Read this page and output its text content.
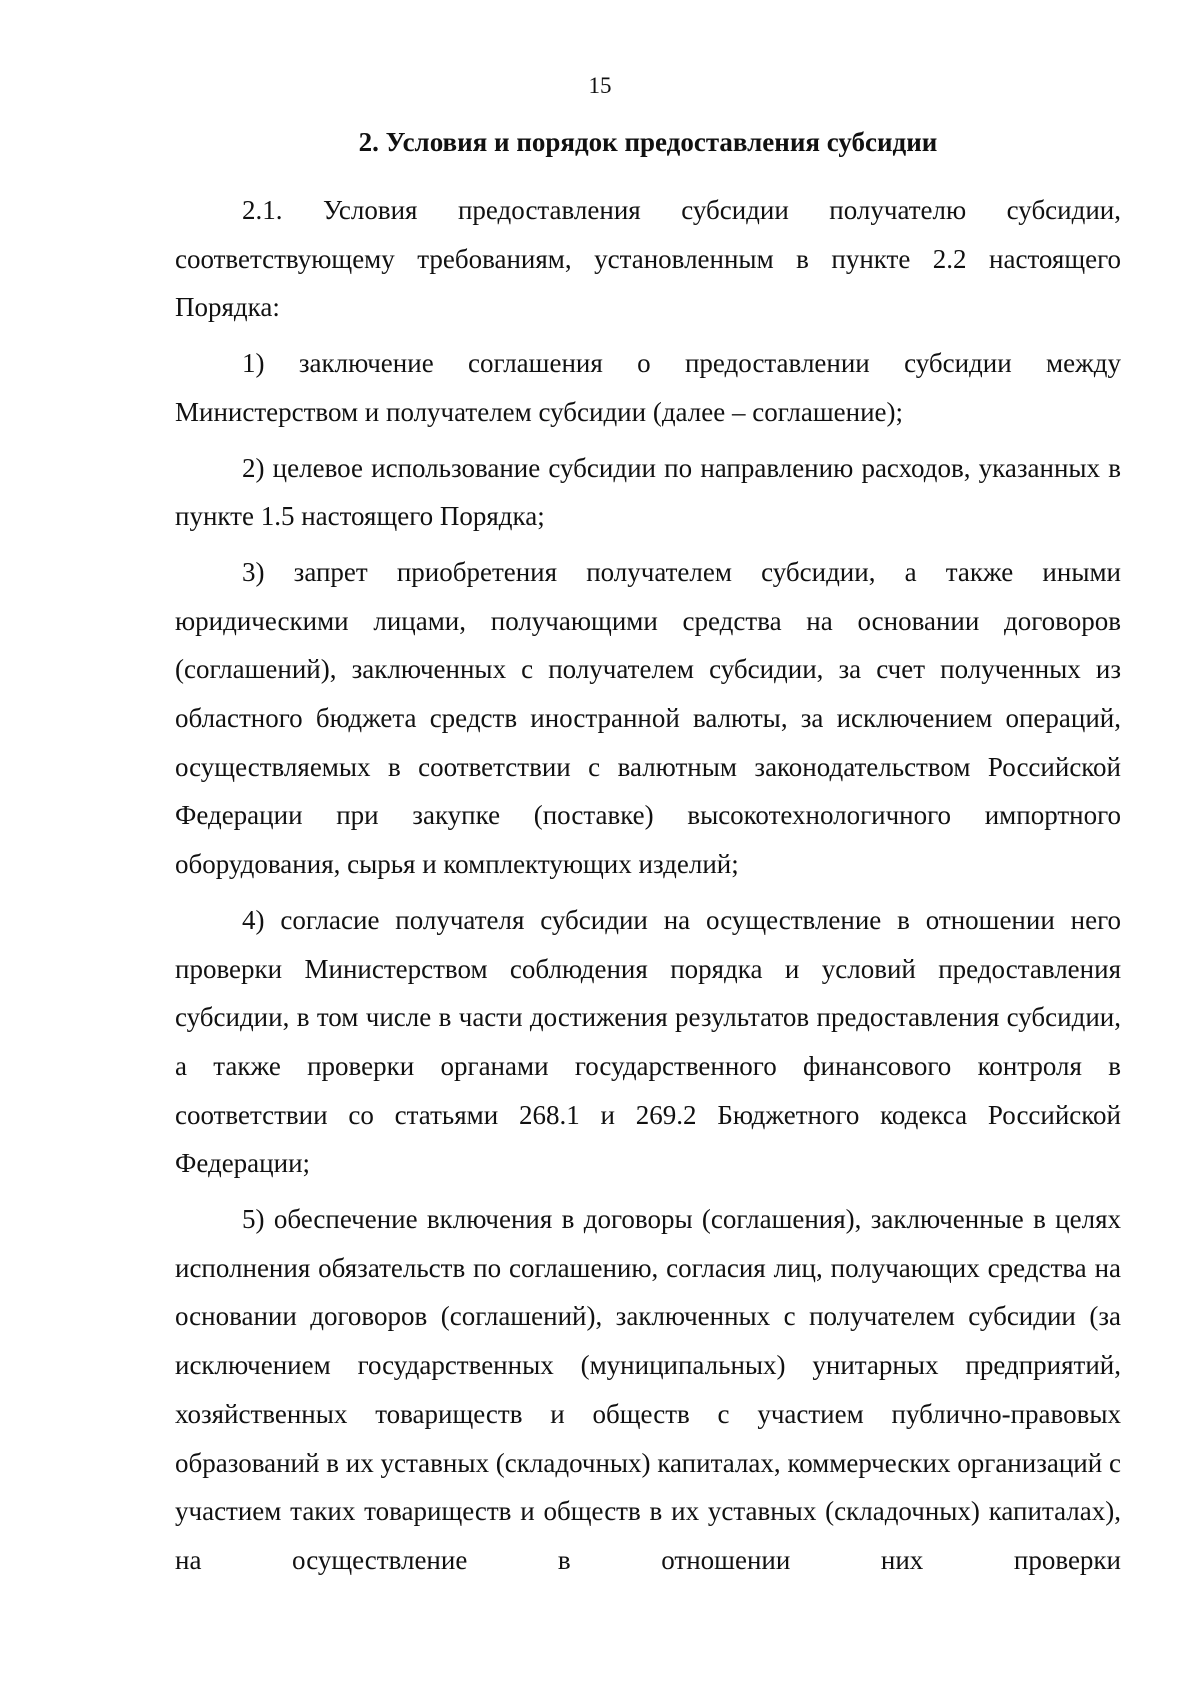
15
2. Условия и порядок предоставления субсидии

2.1. Условия предоставления субсидии получателю субсидии, соответствующему требованиям, установленным в пункте 2.2 настоящего Порядка:

1) заключение соглашения о предоставлении субсидии между Министерством и получателем субсидии (далее – соглашение);

2) целевое использование субсидии по направлению расходов, указанных в пункте 1.5 настоящего Порядка;

3) запрет приобретения получателем субсидии, а также иными юридическими лицами, получающими средства на основании договоров (соглашений), заключенных с получателем субсидии, за счет полученных из областного бюджета средств иностранной валюты, за исключением операций, осуществляемых в соответствии с валютным законодательством Российской Федерации при закупке (поставке) высокотехнологичного импортного оборудования, сырья и комплектующих изделий;

4) согласие получателя субсидии на осуществление в отношении него проверки Министерством соблюдения порядка и условий предоставления субсидии, в том числе в части достижения результатов предоставления субсидии, а также проверки органами государственного финансового контроля в соответствии со статьями 268.1 и 269.2 Бюджетного кодекса Российской Федерации;

5) обеспечение включения в договоры (соглашения), заключенные в целях исполнения обязательств по соглашению, согласия лиц, получающих средства на основании договоров (соглашений), заключенных с получателем субсидии (за исключением государственных (муниципальных) унитарных предприятий, хозяйственных товариществ и обществ с участием публично-правовых образований в их уставных (складочных) капиталах, коммерческих организаций с участием таких товариществ и обществ в их уставных (складочных) капиталах), на осуществление в отношении них проверки
